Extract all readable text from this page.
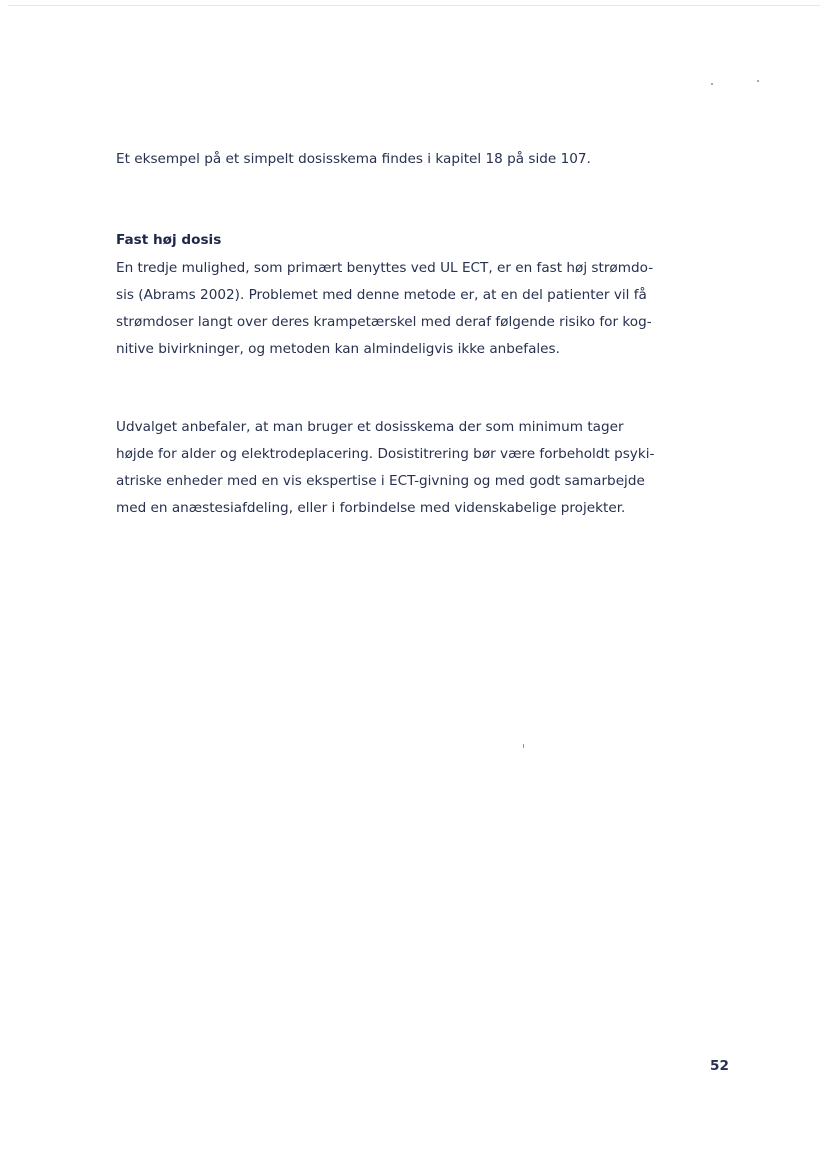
Et eksempel på et simpelt dosisskema findes i kapitel 18 på side 107.

Fast høj dosis
En tredje mulighed, som primært benyttes ved UL ECT, er en fast høj strømdo-
sis (Abrams 2002). Problemet med denne metode er, at en del patienter vil få
strømdoser langt over deres krampetærskel med deraf følgende risiko for kog-
nitive bivirkninger, og metoden kan almindeligvis ikke anbefales.
Udvalget anbefaler, at man bruger et dosisskema der som minimum tager
højde for alder og elektrodeplacering. Dosistitrering bør være forbeholdt psyki-
atriske enheder med en vis ekspertise i ECT-givning og med godt samarbejde
med en anæstesiafdeling, eller i forbindelse med videnskabelige projekter.
52
